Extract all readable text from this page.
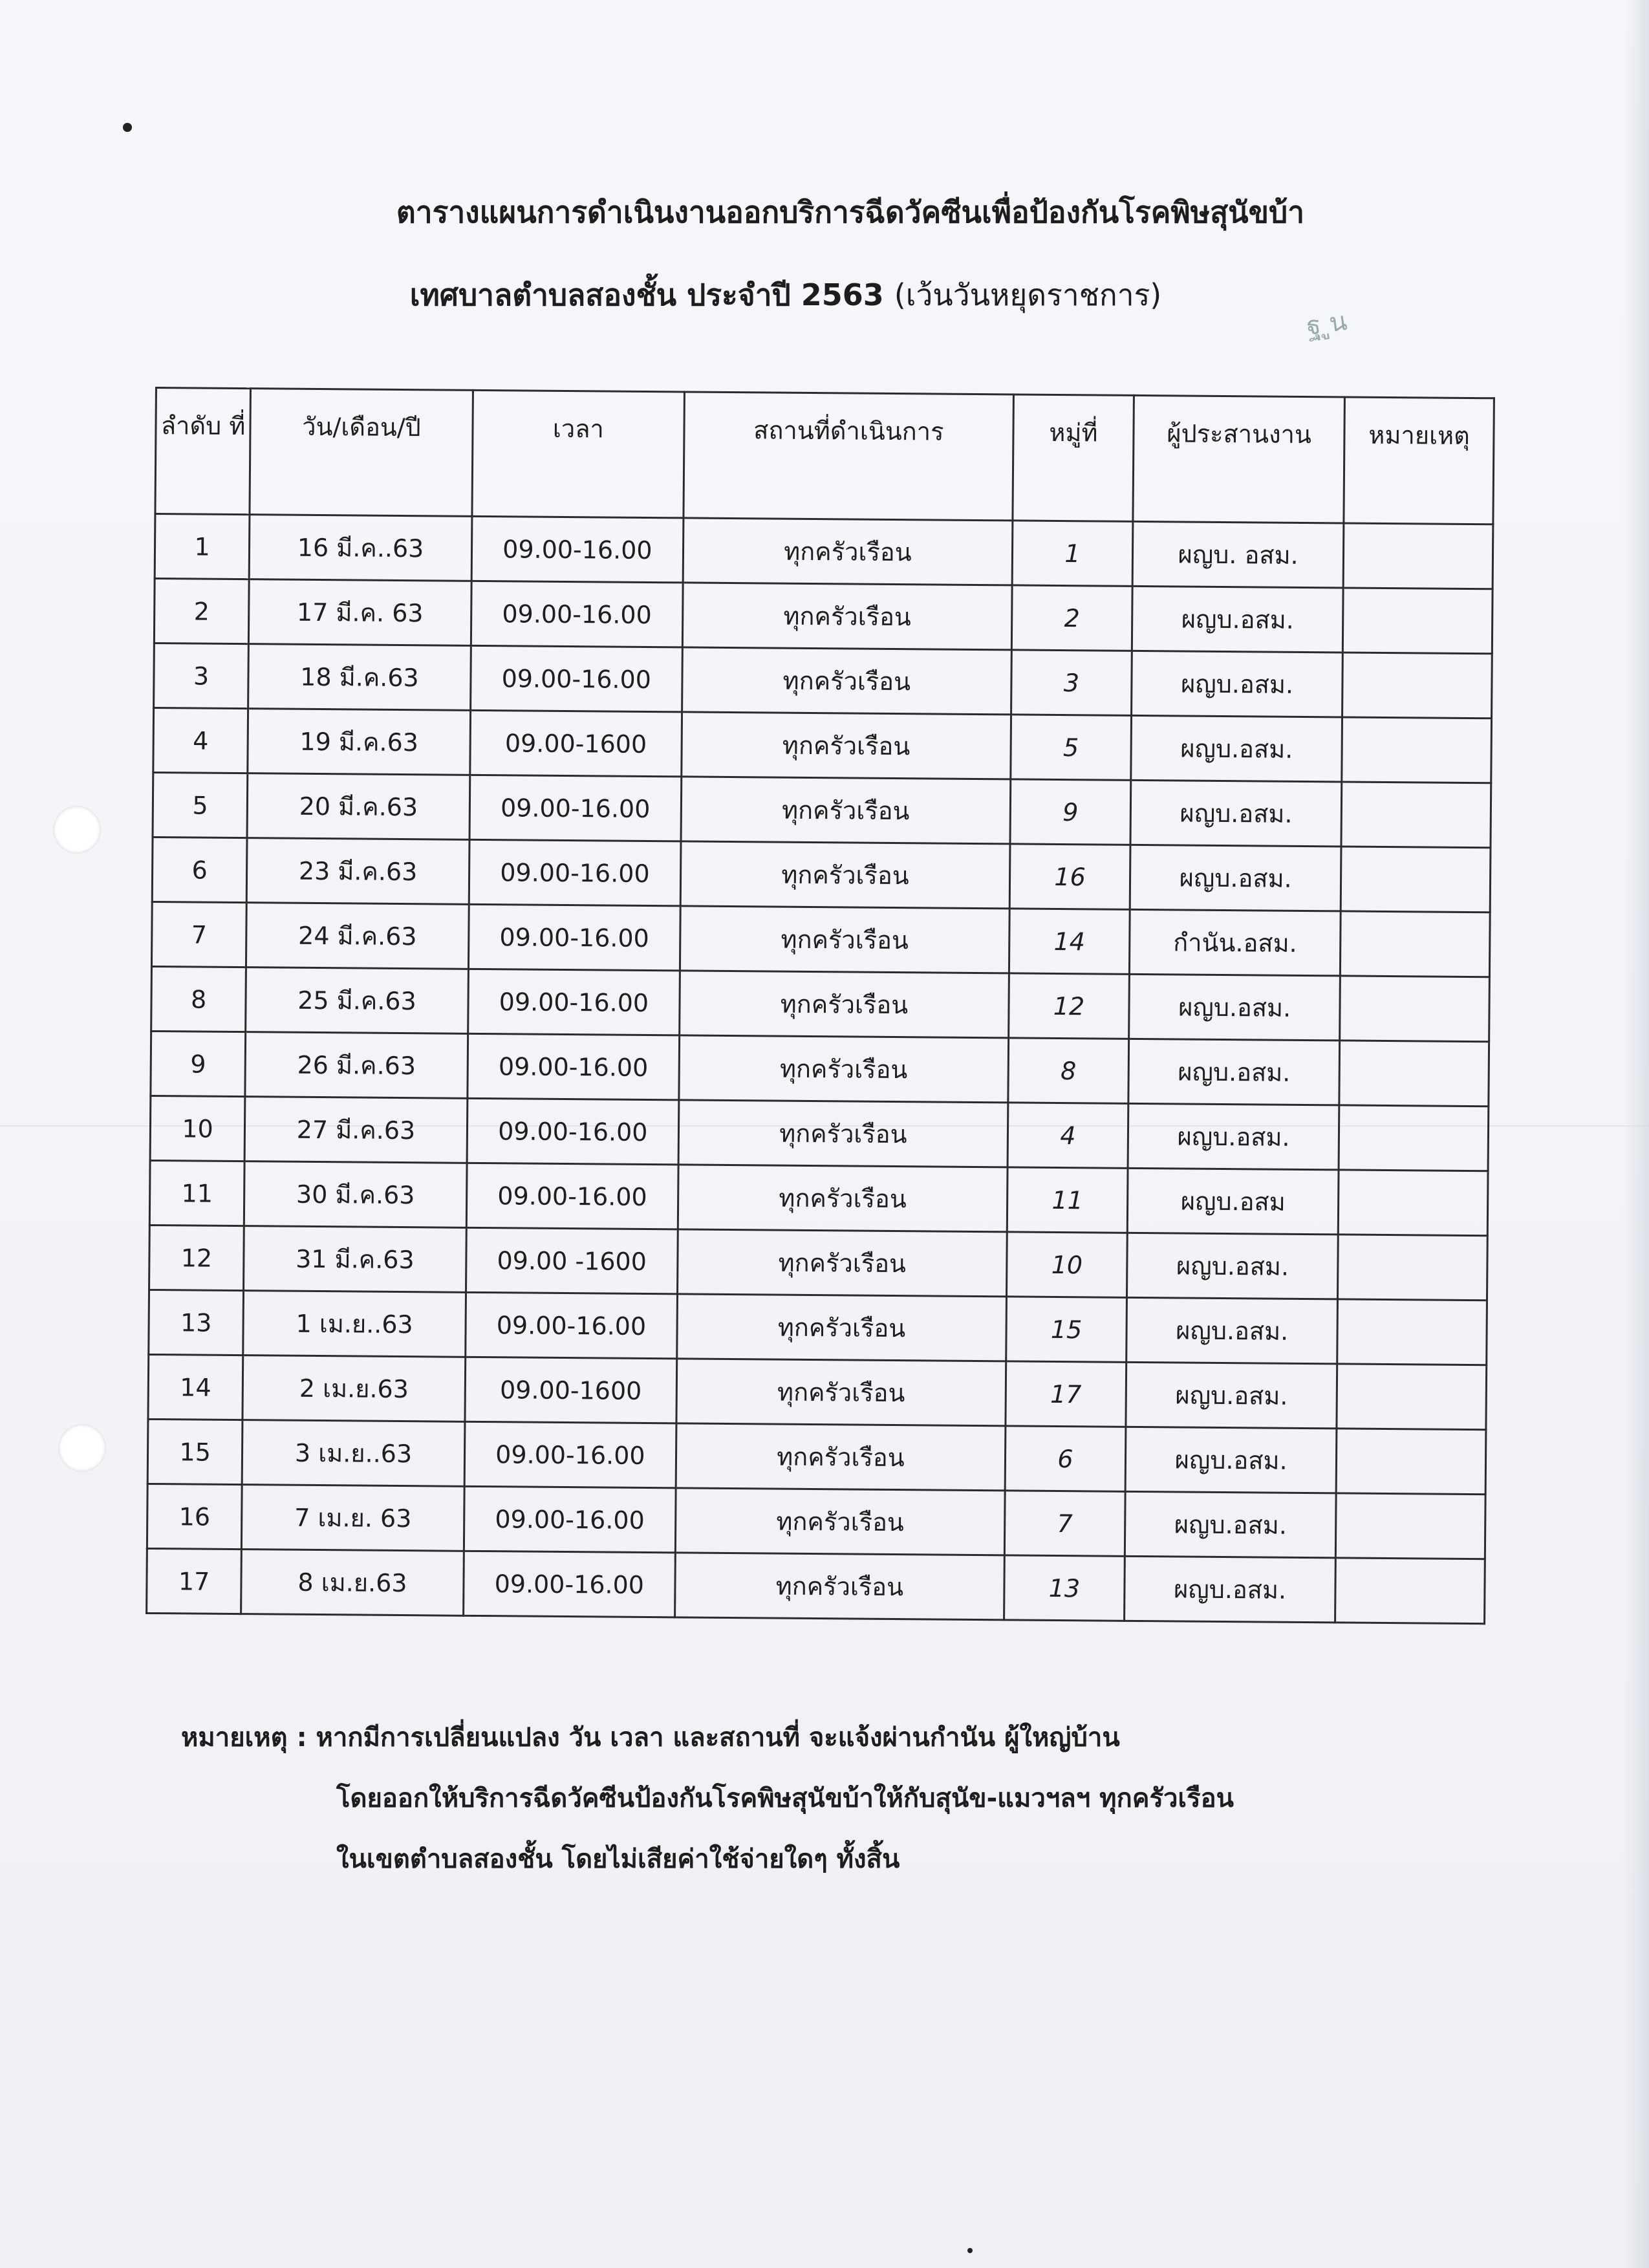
ตารางแผนการดำเนินงานออกบริการฉีดวัคซีนเพื่อป้องกันโรคพิษสุนัขบ้า
เทศบาลตำบลสองชั้น ประจำปี 2563 (เว้นวันหยุดราชการ)
ฐ ูน
ลำดับ ที่	วัน/เดือน/ปี	เวลา	สถานที่ดำเนินการ	หมู่ที่	ผู้ประสานงาน	หมายเหตุ
1	16 มี.ค..63	09.00-16.00	ทุกครัวเรือน	1	ผญบ. อสม.	
2	17 มี.ค. 63	09.00-16.00	ทุกครัวเรือน	2	ผญบ.อสม.	
3	18 มี.ค.63	09.00-16.00	ทุกครัวเรือน	3	ผญบ.อสม.	
4	19 มี.ค.63	09.00-1600	ทุกครัวเรือน	5	ผญบ.อสม.	
5	20 มี.ค.63	09.00-16.00	ทุกครัวเรือน	9	ผญบ.อสม.	
6	23 มี.ค.63	09.00-16.00	ทุกครัวเรือน	16	ผญบ.อสม.	
7	24 มี.ค.63	09.00-16.00	ทุกครัวเรือน	14	กำนัน.อสม.	
8	25 มี.ค.63	09.00-16.00	ทุกครัวเรือน	12	ผญบ.อสม.	
9	26 มี.ค.63	09.00-16.00	ทุกครัวเรือน	8	ผญบ.อสม.	
10	27 มี.ค.63	09.00-16.00	ทุกครัวเรือน	4	ผญบ.อสม.	
11	30 มี.ค.63	09.00-16.00	ทุกครัวเรือน	11	ผญบ.อสม	
12	31 มี.ค.63	09.00 -1600	ทุกครัวเรือน	10	ผญบ.อสม.	
13	1 เม.ย..63	09.00-16.00	ทุกครัวเรือน	15	ผญบ.อสม.	
14	2 เม.ย.63	09.00-1600	ทุกครัวเรือน	17	ผญบ.อสม.	
15	3 เม.ย..63	09.00-16.00	ทุกครัวเรือน	6	ผญบ.อสม.	
16	7 เม.ย. 63	09.00-16.00	ทุกครัวเรือน	7	ผญบ.อสม.	
17	8 เม.ย.63	09.00-16.00	ทุกครัวเรือน	13	ผญบ.อสม.	
หมายเหตุ : หากมีการเปลี่ยนแปลง วัน เวลา และสถานที่ จะแจ้งผ่านกำนัน ผู้ใหญ่บ้าน
โดยออกให้บริการฉีดวัคซีนป้องกันโรคพิษสุนัขบ้าให้กับสุนัข-แมวฯลฯ ทุกครัวเรือน
ในเขตตำบลสองชั้น โดยไม่เสียค่าใช้จ่ายใดๆ ทั้งสิ้น
